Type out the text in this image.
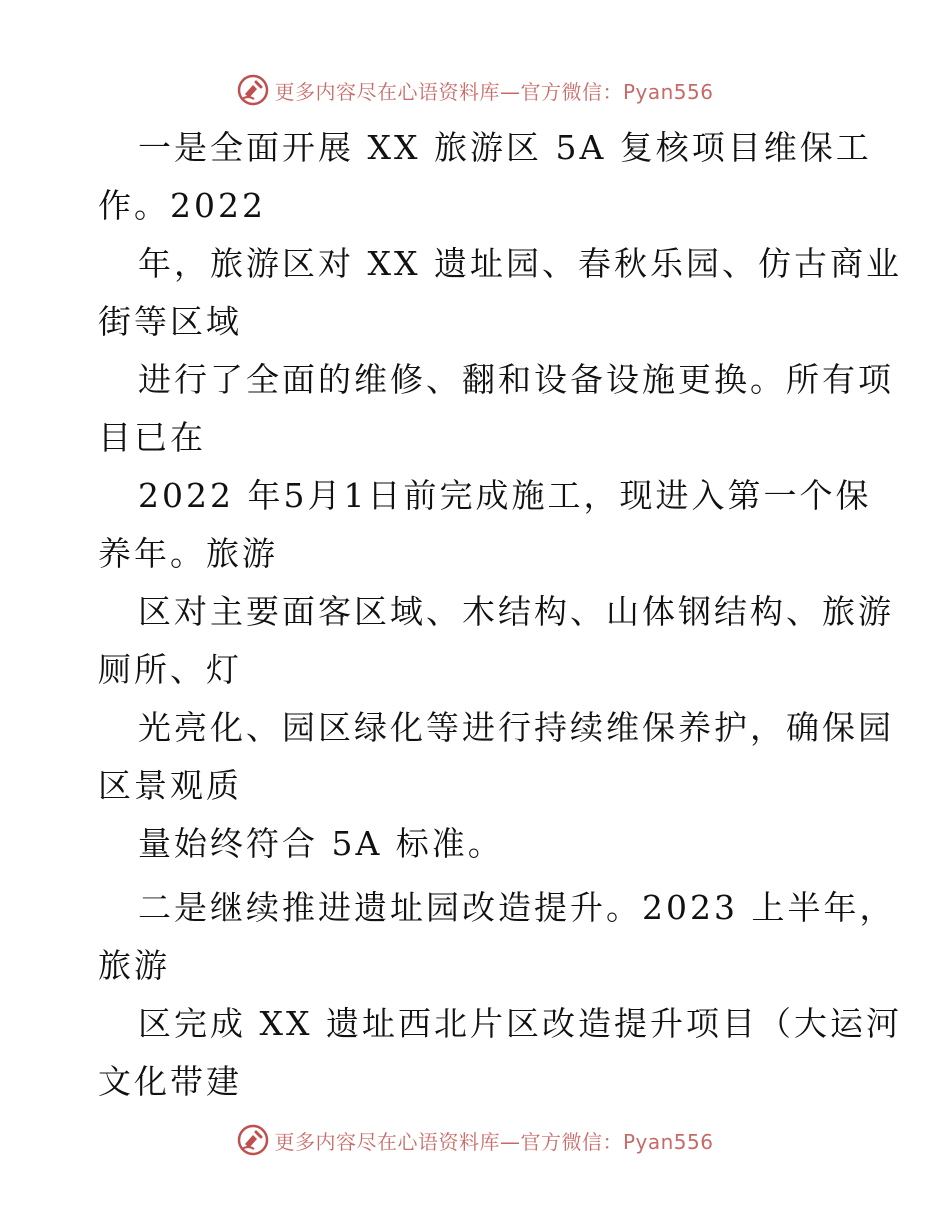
更多内容尽在心语资料库—官方微信：Pyan556
一是全面开展 XX 旅游区 5A 复核项目维保工
作。2022
年，旅游区对 XX 遗址园、春秋乐园、仿古商业
街等区域
进行了全面的维修、翻和设备设施更换。所有项
目已在
2022 年5月1日前完成施工，现进入第一个保
养年。旅游
区对主要面客区域、木结构、山体钢结构、旅游
厕所、灯
光亮化、园区绿化等进行持续维保养护，确保园
区景观质
量始终符合 5A 标准。
二是继续推进遗址园改造提升。2023 上半年，
旅游
区完成 XX 遗址西北片区改造提升项目（大运河
文化带建
更多内容尽在心语资料库—官方微信：Pyan556
